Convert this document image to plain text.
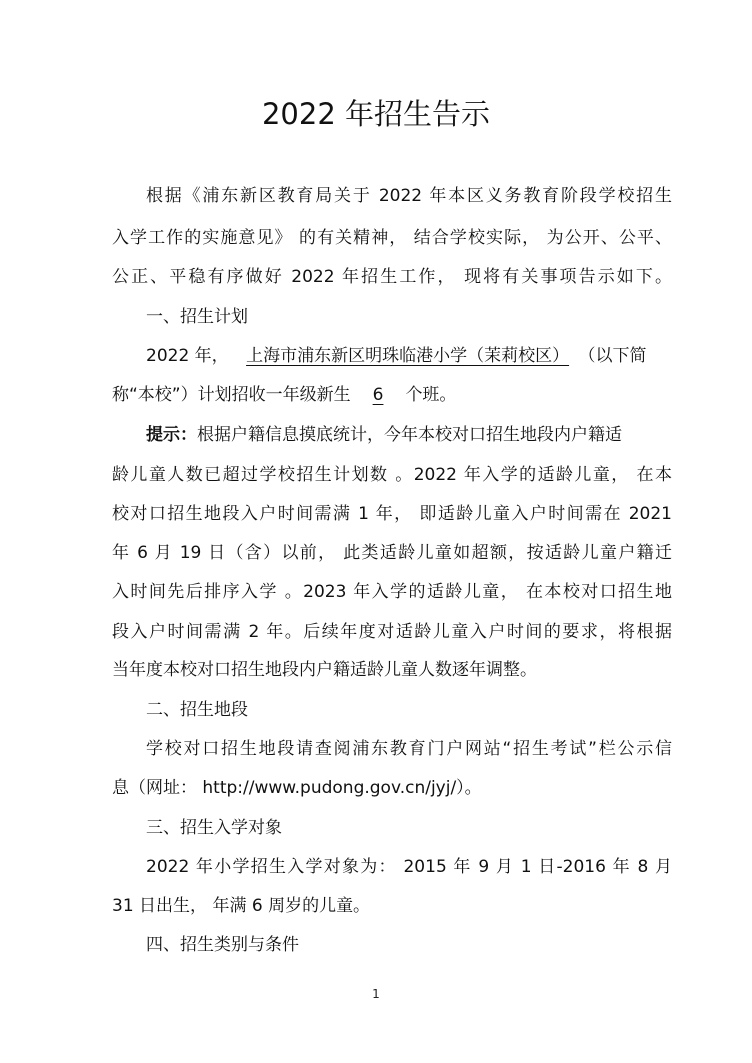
2022 年招生告示
根据《浦东新区教育局关于 2022 年本区义务教育阶段学校招生
入学工作的实施意见》 的有关精神， 结合学校实际， 为公开、公平、
公正、平稳有序做好 2022 年招生工作， 现将有关事项告示如下。
一、招生计划
2022 年， 上海市浦东新区明珠临港小学（茉莉校区） （以下简
称“本校”）计划招收一年级新生 6 个班。
提示：根据户籍信息摸底统计，今年本校对口招生地段内户籍适
龄儿童人数已超过学校招生计划数 。2022 年入学的适龄儿童， 在本
校对口招生地段入户时间需满 1 年， 即适龄儿童入户时间需在 2021
年 6 月 19 日（含）以前， 此类适龄儿童如超额，按适龄儿童户籍迁
入时间先后排序入学 。2023 年入学的适龄儿童， 在本校对口招生地
段入户时间需满 2 年。后续年度对适龄儿童入户时间的要求，将根据
当年度本校对口招生地段内户籍适龄儿童人数逐年调整。
二、招生地段
学校对口招生地段请查阅浦东教育门户网站“招生考试”栏公示信
息（网址： http://www.pudong.gov.cn/jyj/）。
三、招生入学对象
2022 年小学招生入学对象为： 2015 年 9 月 1 日-2016 年 8 月
31 日出生， 年满 6 周岁的儿童。
四、招生类别与条件
1
